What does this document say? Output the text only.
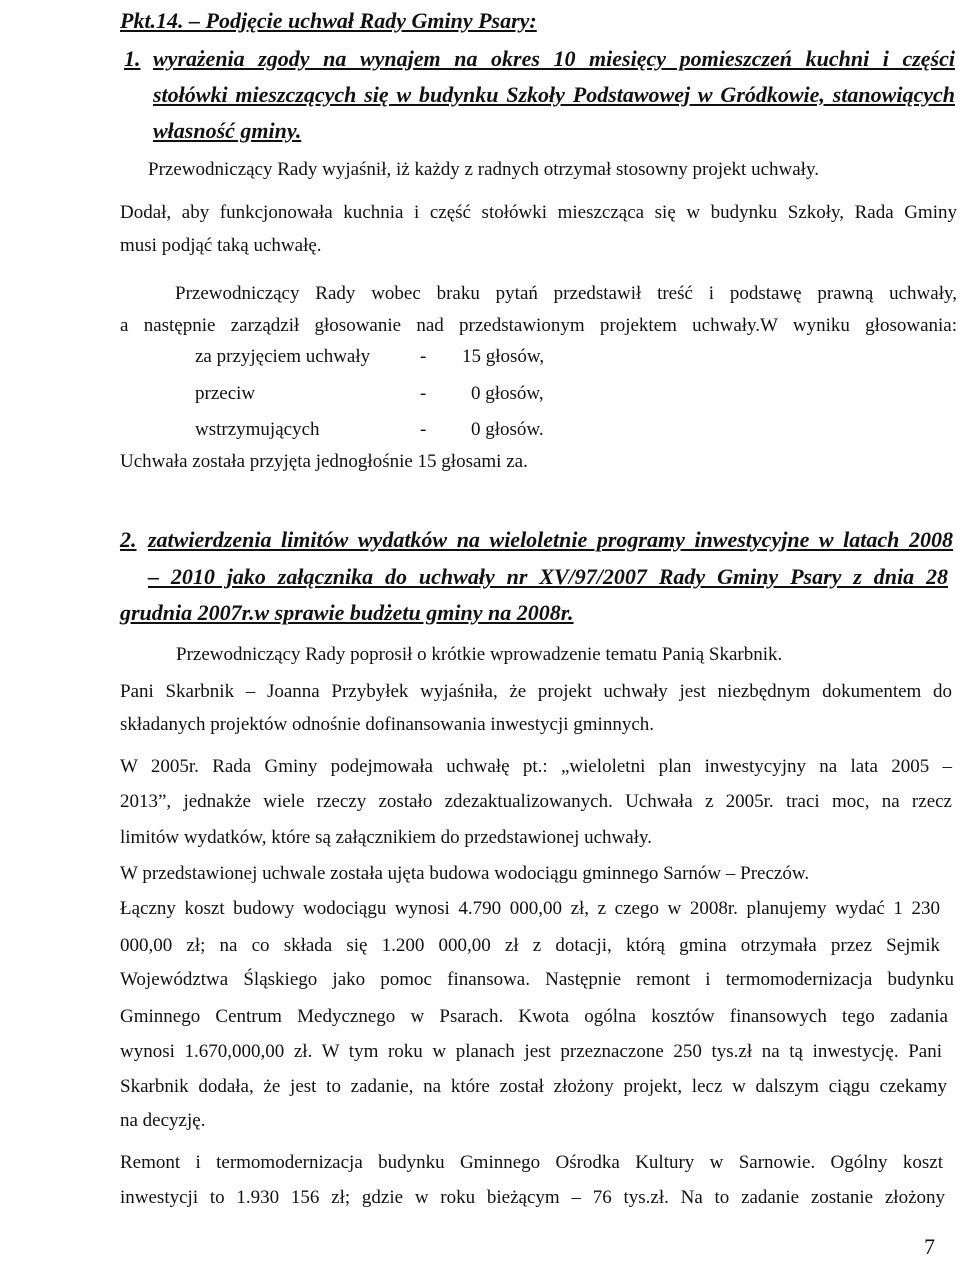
Pkt.14. – Podjęcie uchwał Rady Gminy Psary:
1. wyrażenia zgody na wynajem na okres 10 miesięcy pomieszczeń kuchni i części
stołówki mieszczących się w budynku Szkoły Podstawowej w Gródkowie, stanowiących
własność gminy.
Przewodniczący Rady wyjaśnił, iż każdy z radnych otrzymał stosowny projekt uchwały.
Dodał, aby funkcjonowała kuchnia i część stołówki mieszcząca się w budynku Szkoły, Rada Gminy
musi podjąć taką uchwałę.
Przewodniczący Rady wobec braku pytań przedstawił treść i podstawę prawną uchwały,
a następnie zarządził głosowanie nad przedstawionym projektem uchwały.W wyniku głosowania:
za przyjęciem uchwały	- 15 głosów,
przeciw	- 0 głosów,
wstrzymujących	- 0 głosów.
Uchwała została przyjęta jednogłośnie 15 głosami za.
2. zatwierdzenia limitów wydatków na wieloletnie programy inwestycyjne w latach 2008
– 2010 jako załącznika do uchwały nr XV/97/2007 Rady Gminy Psary z dnia 28
grudnia 2007r.w sprawie budżetu gminy na 2008r.
Przewodniczący Rady poprosił o krótkie wprowadzenie tematu Panią Skarbnik.
Pani Skarbnik – Joanna Przybyłek wyjaśniła, że projekt uchwały jest niezbędnym dokumentem do
składanych projektów odnośnie dofinansowania inwestycji gminnych.
W 2005r. Rada Gminy podejmowała uchwałę pt.: „wieloletni plan inwestycyjny na lata 2005 –
2013”, jednakże wiele rzeczy zostało zdezaktualizowanych. Uchwała z 2005r. traci moc, na rzecz
limitów wydatków, które są załącznikiem do przedstawionej uchwały.
W przedstawionej uchwale została ujęta budowa wodociągu gminnego Sarnów – Preczów.
Łączny koszt budowy wodociągu wynosi 4.790 000,00 zł, z czego w 2008r. planujemy wydać 1 230
000,00 zł; na co składa się 1.200 000,00 zł z dotacji, którą gmina otrzymała przez Sejmik
Województwa Śląskiego jako pomoc finansowa. Następnie remont i termomodernizacja budynku
Gminnego Centrum Medycznego w Psarach. Kwota ogólna kosztów finansowych tego zadania
wynosi 1.670,000,00 zł. W tym roku w planach jest przeznaczone 250 tys.zł na tą inwestycję. Pani
Skarbnik dodała, że jest to zadanie, na które został złożony projekt, lecz w dalszym ciągu czekamy
na decyzję.
Remont i termomodernizacja budynku Gminnego Ośrodka Kultury w Sarnowie. Ogólny koszt
inwestycji to 1.930 156 zł; gdzie w roku bieżącym – 76 tys.zł. Na to zadanie zostanie złożony
7
